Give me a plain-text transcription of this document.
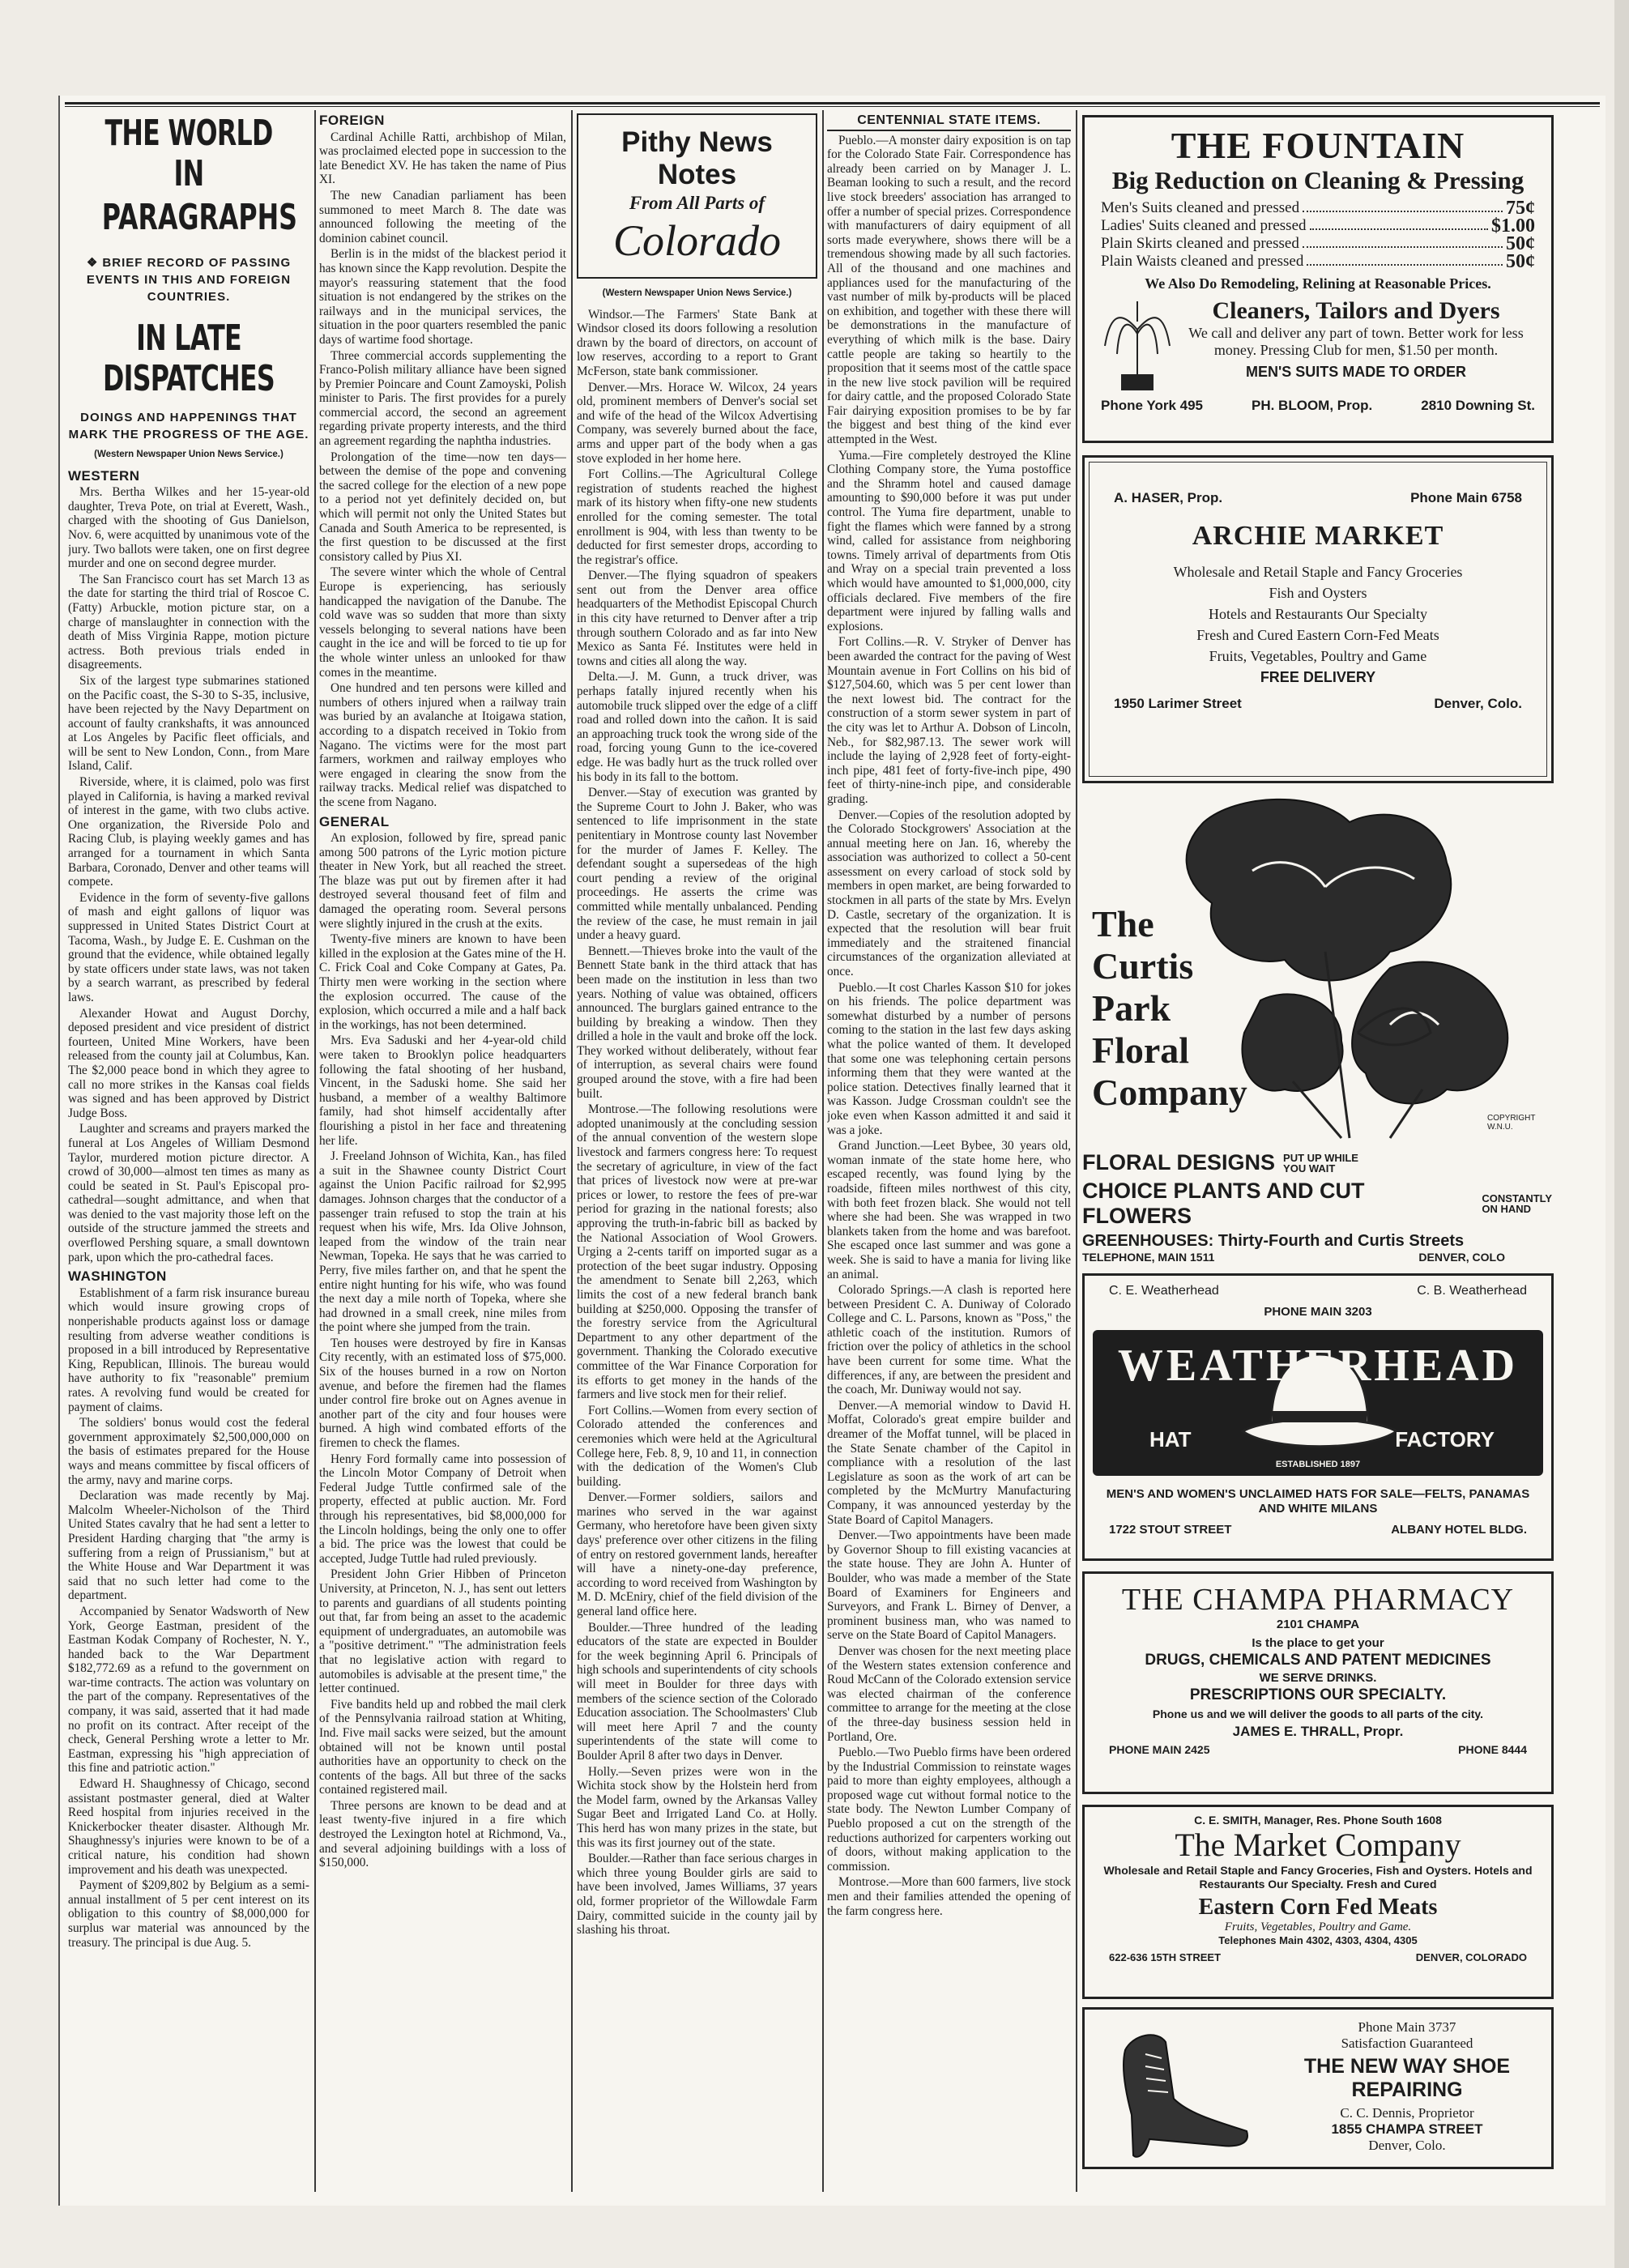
THE WORLD IN
PARAGRAPHS
❖ BRIEF RECORD OF PASSING EVENTS IN THIS AND FOREIGN COUNTRIES.
IN LATE DISPATCHES
DOINGS AND HAPPENINGS THAT MARK THE PROGRESS OF THE AGE.
(Western Newspaper Union News Service.)
WESTERN

Mrs. Bertha Wilkes and her 15-year-old daughter, Treva Pote, on trial at Everett, Wash., charged with the shooting of Gus Danielson, Nov. 6, were acquitted by unanimous vote of the jury. Two ballots were taken, one on first degree murder and one on second degree murder.

The San Francisco court has set March 13 as the date for starting the third trial of Roscoe C. (Fatty) Arbuckle, motion picture star, on a charge of manslaughter in connection with the death of Miss Virginia Rappe, motion picture actress. Both previous trials ended in disagreements.

Six of the largest type submarines stationed on the Pacific coast, the S-30 to S-35, inclusive, have been rejected by the Navy Department on account of faulty crankshafts, it was announced at Los Angeles by Pacific fleet officials, and will be sent to New London, Conn., from Mare Island, Calif.

Riverside, where, it is claimed, polo was first played in California, is having a marked revival of interest in the game, with two clubs active. One organization, the Riverside Polo and Racing Club, is playing weekly games and has arranged for a tournament in which Santa Barbara, Coronado, Denver and other teams will compete.

Evidence in the form of seventy-five gallons of mash and eight gallons of liquor was suppressed in United States District Court at Tacoma, Wash., by Judge E. E. Cushman on the ground that the evidence, while obtained legally by state officers under state laws, was not taken by a search warrant, as prescribed by federal laws.

Alexander Howat and August Dorchy, deposed president and vice president of district fourteen, United Mine Workers, have been released from the county jail at Columbus, Kan. The $2,000 peace bond in which they agree to call no more strikes in the Kansas coal fields was signed and has been approved by District Judge Boss.

Laughter and screams and prayers marked the funeral at Los Angeles of William Desmond Taylor, murdered motion picture director. A crowd of 30,000—almost ten times as many as could be seated in St. Paul's Episcopal pro-cathedral—sought admittance, and when that was denied to the vast majority those left on the outside of the structure jammed the streets and overflowed Pershing square, a small downtown park, upon which the pro-cathedral faces.

WASHINGTON

Establishment of a farm risk insurance bureau which would insure growing crops of nonperishable products against loss or damage resulting from adverse weather conditions is proposed in a bill introduced by Representative King, Republican, Illinois. The bureau would have authority to fix "reasonable" premium rates. A revolving fund would be created for payment of claims.

The soldiers' bonus would cost the federal government approximately $2,500,000,000 on the basis of estimates prepared for the House ways and means committee by fiscal officers of the army, navy and marine corps.

Declaration was made recently by Maj. Malcolm Wheeler-Nicholson of the Third United States cavalry that he had sent a letter to President Harding charging that "the army is suffering from a reign of Prussianism," but at the White House and War Department it was said that no such letter had come to the department.

Accompanied by Senator Wadsworth of New York, George Eastman, president of the Eastman Kodak Company of Rochester, N. Y., handed back to the War Department $182,772.69 as a refund to the government on war-time contracts. The action was voluntary on the part of the company. Representatives of the company, it was said, asserted that it had made no profit on its contract. After receipt of the check, General Pershing wrote a letter to Mr. Eastman, expressing his "high appreciation of this fine and patriotic action."

Edward H. Shaughnessy of Chicago, second assistant postmaster general, died at Walter Reed hospital from injuries received in the Knickerbocker theater disaster. Although Mr. Shaughnessy's injuries were known to be of a critical nature, his condition had shown improvement and his death was unexpected.

Payment of $209,802 by Belgium as a semi-annual installment of 5 per cent interest on its obligation to this country of $8,000,000 for surplus war material was announced by the treasury. The principal is due Aug. 5.

FOREIGN

Cardinal Achille Ratti, archbishop of Milan, was proclaimed elected pope in succession to the late Benedict XV. He has taken the name of Pius XI.

The new Canadian parliament has been summoned to meet March 8. The date was announced following the meeting of the dominion cabinet council.

Berlin is in the midst of the blackest period it has known since the Kapp revolution. Despite the mayor's reassuring statement that the food situation is not endangered by the strikes on the railways and in the municipal services, the situation in the poor quarters resembled the panic days of wartime food shortage.

Three commercial accords supplementing the Franco-Polish military alliance have been signed by Premier Poincare and Count Zamoyski, Polish minister to Paris. The first provides for a purely commercial accord, the second an agreement regarding private property interests, and the third an agreement regarding the naphtha industries.

Prolongation of the time—now ten days—between the demise of the pope and convening the sacred college for the election of a new pope to a period not yet definitely decided on, but which will permit not only the United States but Canada and South America to be represented, is the first question to be discussed at the first consistory called by Pius XI.

The severe winter which the whole of Central Europe is experiencing, has seriously handicapped the navigation of the Danube. The cold wave was so sudden that more than sixty vessels belonging to several nations have been caught in the ice and will be forced to tie up for the whole winter unless an unlooked for thaw comes in the meantime.

One hundred and ten persons were killed and numbers of others injured when a railway train was buried by an avalanche at Itoigawa station, according to a dispatch received in Tokio from Nagano. The victims were for the most part farmers, workmen and railway employes who were engaged in clearing the snow from the railway tracks. Medical relief was dispatched to the scene from Nagano.

GENERAL

An explosion, followed by fire, spread panic among 500 patrons of the Lyric motion picture theater in New York, but all reached the street. The blaze was put out by firemen after it had destroyed several thousand feet of film and damaged the operating room. Several persons were slightly injured in the crush at the exits.

Twenty-five miners are known to have been killed in the explosion at the Gates mine of the H. C. Frick Coal and Coke Company at Gates, Pa. Thirty men were working in the section where the explosion occurred. The cause of the explosion, which occurred a mile and a half back in the workings, has not been determined.

Mrs. Eva Saduski and her 4-year-old child were taken to Brooklyn police headquarters following the fatal shooting of her husband, Vincent, in the Saduski home. She said her husband, a member of a wealthy Baltimore family, had shot himself accidentally after flourishing a pistol in her face and threatening her life.

J. Freeland Johnson of Wichita, Kan., has filed a suit in the Shawnee county District Court against the Union Pacific railroad for $2,995 damages. Johnson charges that the conductor of a passenger train refused to stop the train at his request when his wife, Mrs. Ida Olive Johnson, leaped from the window of the train near Newman, Topeka. He says that he was carried to Perry, five miles farther on, and that he spent the entire night hunting for his wife, who was found the next day a mile north of Topeka, where she had drowned in a small creek, nine miles from the point where she jumped from the train.

Ten houses were destroyed by fire in Kansas City recently, with an estimated loss of $75,000. Six of the houses burned in a row on Norton avenue, and before the firemen had the flames under control fire broke out on Agnes avenue in another part of the city and four houses were burned. A high wind combated efforts of the firemen to check the flames.

Henry Ford formally came into possession of the Lincoln Motor Company of Detroit when Federal Judge Tuttle confirmed sale of the property, effected at public auction. Mr. Ford through his representatives, bid $8,000,000 for the Lincoln holdings, being the only one to offer a bid. The price was the lowest that could be accepted, Judge Tuttle had ruled previously.

President John Grier Hibben of Princeton University, at Princeton, N. J., has sent out letters to parents and guardians of all students pointing out that, far from being an asset to the academic equipment of undergraduates, an automobile was a "positive detriment." "The administration feels that no legislative action with regard to automobiles is advisable at the present time," the letter continued.

Five bandits held up and robbed the mail clerk of the Pennsylvania railroad station at Whiting, Ind. Five mail sacks were seized, but the amount obtained will not be known until postal authorities have an opportunity to check on the contents of the bags. All but three of the sacks contained registered mail.

Three persons are known to be dead and at least twenty-five injured in a fire which destroyed the Lexington hotel at Richmond, Va., and several adjoining buildings with a loss of $150,000.

Pithy News Notes
From All Parts of
Colorado
(Western Newspaper Union News Service.)

Windsor.—The Farmers' State Bank at Windsor closed its doors following a resolution drawn by the board of directors, on account of low reserves, according to a report to Grant McFerson, state bank commissioner.

Denver.—Mrs. Horace W. Wilcox, 24 years old, prominent members of Denver's social set and wife of the head of the Wilcox Advertising Company, was severely burned about the face, arms and upper part of the body when a gas stove exploded in her home here.

Fort Collins.—The Agricultural College registration of students reached the highest mark of its history when fifty-one new students enrolled for the coming semester. The total enrollment is 904, with less than twenty to be deducted for first semester drops, according to the registrar's office.

Denver.—The flying squadron of speakers sent out from the Denver area office headquarters of the Methodist Episcopal Church in this city have returned to Denver after a trip through southern Colorado and as far into New Mexico as Santa Fé. Institutes were held in towns and cities all along the way.

Delta.—J. M. Gunn, a truck driver, was perhaps fatally injured recently when his automobile truck slipped over the edge of a cliff road and rolled down into the cañon. It is said an approaching truck took the wrong side of the road, forcing young Gunn to the ice-covered edge. He was badly hurt as the truck rolled over his body in its fall to the bottom.

Denver.—Stay of execution was granted by the Supreme Court to John J. Baker, who was sentenced to life imprisonment in the state penitentiary in Montrose county last November for the murder of James F. Kelley. The defendant sought a supersedeas of the high court pending a review of the original proceedings. He asserts the crime was committed while mentally unbalanced. Pending the review of the case, he must remain in jail under a heavy guard.

Bennett.—Thieves broke into the vault of the Bennett State bank in the third attack that has been made on the institution in less than two years. Nothing of value was obtained, officers announced. The burglars gained entrance to the building by breaking a window. Then they drilled a hole in the vault and broke off the lock. They worked without deliberately, without fear of interruption, as several chairs were found grouped around the stove, with a fire had been built.

Montrose.—The following resolutions were adopted unanimously at the concluding session of the annual convention of the western slope livestock and farmers congress here: To request the secretary of agriculture, in view of the fact that prices of livestock now were at pre-war prices or lower, to restore the fees of pre-war period for grazing in the national forests; also approving the truth-in-fabric bill as backed by the National Association of Wool Growers. Urging a 2-cents tariff on imported sugar as a protection of the beet sugar industry. Opposing the amendment to Senate bill 2,263, which limits the cost of a new federal branch bank building at $250,000. Opposing the transfer of the forestry service from the Agricultural Department to any other department of the government. Thanking the Colorado executive committee of the War Finance Corporation for its efforts to get money in the hands of the farmers and live stock men for their relief.

Fort Collins.—Women from every section of Colorado attended the conferences and ceremonies which were held at the Agricultural College here, Feb. 8, 9, 10 and 11, in connection with the dedication of the Women's Club building.

Denver.—Former soldiers, sailors and marines who served in the war against Germany, who heretofore have been given sixty days' preference over other citizens in the filing of entry on restored government lands, hereafter will have a ninety-one-day preference, according to word received from Washington by M. D. McEniry, chief of the field division of the general land office here.

Boulder.—Three hundred of the leading educators of the state are expected in Boulder for the week beginning April 6. Principals of high schools and superintendents of city schools will meet in Boulder for three days with members of the science section of the Colorado Education association. The Schoolmasters' Club will meet here April 7 and the county superintendents of the state will come to Boulder April 8 after two days in Denver.

Holly.—Seven prizes were won in the Wichita stock show by the Holstein herd from the Model farm, owned by the Arkansas Valley Sugar Beet and Irrigated Land Co. at Holly. This herd has won many prizes in the state, but this was its first journey out of the state.

Boulder.—Rather than face serious charges in which three young Boulder girls are said to have been involved, James Williams, 37 years old, former proprietor of the Willowdale Farm Dairy, committed suicide in the county jail by slashing his throat.

CENTENNIAL STATE ITEMS.

Pueblo.—A monster dairy exposition is on tap for the Colorado State Fair. Correspondence has already been carried on by Manager J. L. Beaman looking to such a result, and the record live stock breeders' association has arranged to offer a number of special prizes. Correspondence with manufacturers of dairy equipment of all sorts made everywhere, shows there will be a tremendous showing made by all such factories. All of the thousand and one machines and appliances used for the manufacturing of the vast number of milk by-products will be placed on exhibition, and together with these there will be demonstrations in the manufacture of everything of which milk is the base. Dairy cattle people are taking so heartily to the proposition that it seems most of the cattle space in the new live stock pavilion will be required for dairy cattle, and the proposed Colorado State Fair dairying exposition promises to be by far the biggest and best thing of the kind ever attempted in the West.

Yuma.—Fire completely destroyed the Kline Clothing Company store, the Yuma postoffice and the Shramm hotel and caused damage amounting to $90,000 before it was put under control. The Yuma fire department, unable to fight the flames which were fanned by a strong wind, called for assistance from neighboring towns. Timely arrival of departments from Otis and Wray on a special train prevented a loss which would have amounted to $1,000,000, city officials declared. Five members of the fire department were injured by falling walls and explosions.

Fort Collins.—R. V. Stryker of Denver has been awarded the contract for the paving of West Mountain avenue in Fort Collins on his bid of $127,504.60, which was 5 per cent lower than the next lowest bid. The contract for the construction of a storm sewer system in part of the city was let to Arthur A. Dobson of Lincoln, Neb., for $82,987.13. The sewer work will include the laying of 2,928 feet of forty-eight-inch pipe, 481 feet of forty-five-inch pipe, 490 feet of thirty-nine-inch pipe, and considerable grading.

Denver.—Copies of the resolution adopted by the Colorado Stockgrowers' Association at the annual meeting here on Jan. 16, whereby the association was authorized to collect a 50-cent assessment on every carload of stock sold by members in open market, are being forwarded to stockmen in all parts of the state by Mrs. Evelyn D. Castle, secretary of the organization. It is expected that the resolution will bear fruit immediately and the straitened financial circumstances of the organization alleviated at once.

Pueblo.—It cost Charles Kasson $10 for jokes on his friends. The police department was somewhat disturbed by a number of persons coming to the station in the last few days asking what the police wanted of them. It developed that some one was telephoning certain persons informing them that they were wanted at the police station. Detectives finally learned that it was Kasson. Judge Crossman couldn't see the joke even when Kasson admitted it and said it was a joke.

Grand Junction.—Leet Bybee, 30 years old, woman inmate of the state home here, who escaped recently, was found lying by the roadside, fifteen miles northwest of this city, with both feet frozen black. She would not tell where she had been. She was wrapped in two blankets taken from the home and was barefoot. She escaped once last summer and was gone a week. She is said to have a mania for living like an animal.

Colorado Springs.—A clash is reported here between President C. A. Duniway of Colorado College and C. L. Parsons, known as "Poss," the athletic coach of the institution. Rumors of friction over the policy of athletics in the school have been current for some time. What the differences, if any, are between the president and the coach, Mr. Duniway would not say.

Denver.—A memorial window to David H. Moffat, Colorado's great empire builder and dreamer of the Moffat tunnel, will be placed in the State Senate chamber of the Capitol in compliance with a resolution of the last Legislature as soon as the work of art can be completed by the McMurtry Manufacturing Company, it was announced yesterday by the State Board of Capitol Managers.

Denver.—Two appointments have been made by Governor Shoup to fill existing vacancies at the state house. They are John A. Hunter of Boulder, who was made a member of the State Board of Examiners for Engineers and Surveyors, and Frank L. Birney of Denver, a prominent business man, who was named to serve on the State Board of Capitol Managers.

Denver was chosen for the next meeting place of the Western states extension conference and Roud McCann of the Colorado extension service was elected chairman of the conference committee to arrange for the meeting at the close of the three-day business session held in Portland, Ore.

Pueblo.—Two Pueblo firms have been ordered by the Industrial Commission to reinstate wages paid to more than eighty employees, although a proposed wage cut without formal notice to the state body. The Newton Lumber Company of Pueblo proposed a cut on the strength of the reductions authorized for carpenters working out of doors, without making application to the commission.

Montrose.—More than 600 farmers, live stock men and their families attended the opening of the farm congress here.

THE FOUNTAIN
Big Reduction on Cleaning & Pressing
Men's Suits cleaned and pressed	75¢
Ladies' Suits cleaned and pressed	$1.00
Plain Skirts cleaned and pressed	50¢
Plain Waists cleaned and pressed	50¢
We Also Do Remodeling, Relining at Reasonable Prices.
Cleaners, Tailors and Dyers
We call and deliver any part of town. Better work for less money. Pressing Club for men, $1.50 per month.
MEN'S SUITS MADE TO ORDER
Phone York 495	PH. BLOOM, Prop.	2810 Downing St.
A. HASER, Prop.	Phone Main 6758
ARCHIE MARKET
Wholesale and Retail Staple and Fancy Groceries
Fish and Oysters
Hotels and Restaurants Our Specialty
Fresh and Cured Eastern Corn-Fed Meats
Fruits, Vegetables, Poultry and Game
FREE DELIVERY
1950 Larimer Street	Denver, Colo.
The
Curtis
Park
Floral
Company
COPYRIGHT W.N.U.
FLORAL DESIGNS PUT UP WHILE YOU WAIT
CHOICE PLANTS AND CUT FLOWERS
CONSTANTLY ON HAND
GREENHOUSES: Thirty-Fourth and Curtis Streets
TELEPHONE, MAIN 1511	DENVER, COLO
C. E. Weatherhead	C. B. Weatherhead
PHONE MAIN 3203
WEATHERHEAD
HAT	FACTORY
ESTABLISHED 1897
MEN'S AND WOMEN'S UNCLAIMED HATS FOR SALE—FELTS, PANAMAS AND WHITE MILANS
1722 STOUT STREET	ALBANY HOTEL BLDG.
THE CHAMPA PHARMACY
2101 CHAMPA
Is the place to get your
DRUGS, CHEMICALS AND PATENT MEDICINES
WE SERVE DRINKS.
PRESCRIPTIONS OUR SPECIALTY.
Phone us and we will deliver the goods to all parts of the city.
JAMES E. THRALL, Propr.
PHONE MAIN 2425	PHONE 8444
C. E. SMITH, Manager, Res. Phone South 1608
The Market Company
Wholesale and Retail Staple and Fancy Groceries, Fish and Oysters. Hotels and Restaurants Our Specialty. Fresh and Cured
Eastern Corn Fed Meats
Fruits, Vegetables, Poultry and Game.
Telephones Main 4302, 4303, 4304, 4305
622-636 15TH STREET	DENVER, COLORADO
Phone Main 3737
Satisfaction Guaranteed
THE NEW WAY SHOE
REPAIRING
C. C. Dennis, Proprietor
1855 CHAMPA STREET
Denver, Colo.
